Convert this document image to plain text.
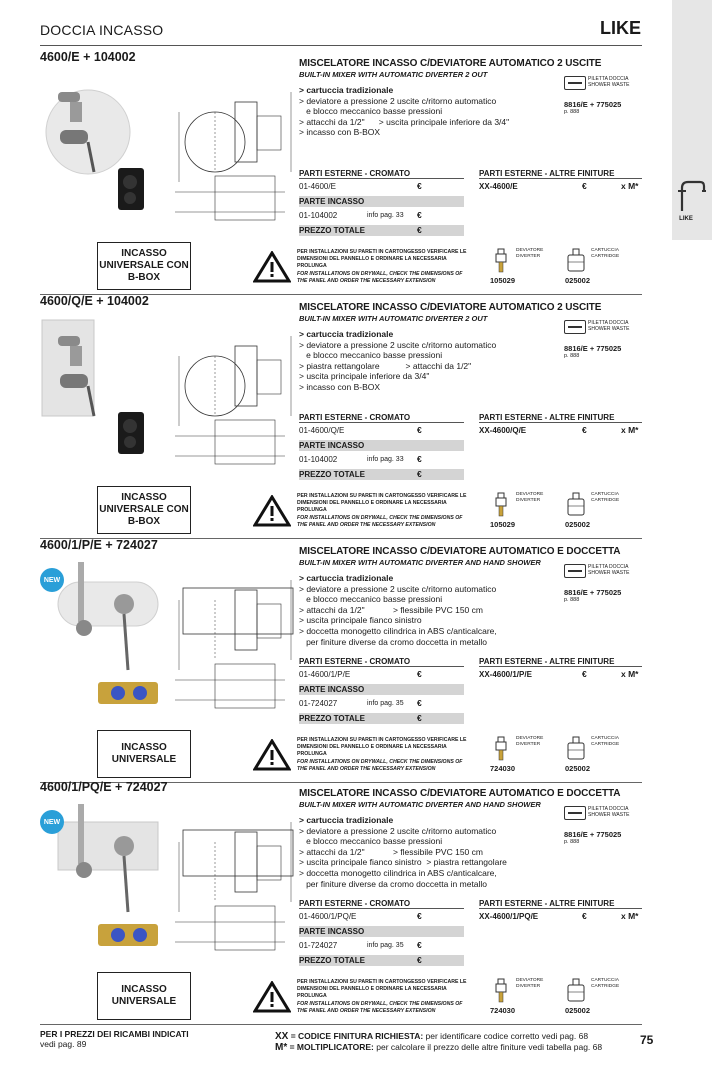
DOCCIA INCASSO	LIKE
LIKE
4600/E + 104002
INCASSO UNIVERSALE CON B-BOX
MISCELATORE INCASSO C/DEVIATORE AUTOMATICO 2 USCITE
BUILT-IN MIXER WITH AUTOMATIC DIVERTER 2 OUT
> cartuccia tradizionale
> deviatore a pressione 2 uscite c/ritorno automatico
e blocco meccanico basse pressioni
> attacchi da 1/2"      > uscita principale inferiore da 3/4"
> incasso con B-BOX
PILETTA DOCCIA SHOWER WASTE
8816/E + 775025
p. 888
PARTI ESTERNE - CROMATO	PARTI ESTERNE - ALTRE FINITURE
01-4600/E	€	XX-4600/E	€	x M*
PARTE INCASSO
01-104002	info pag. 33	€
PREZZO TOTALE	€
PER INSTALLAZIONI SU PARETI IN CARTONGESSO VERIFICARE LE DIMENSIONI DEL PANNELLO E ORDINARE LA NECESSARIA PROLUNGA
FOR INSTALLATIONS ON DRYWALL, CHECK THE DIMENSIONS OF THE PANEL AND ORDER THE NECESSARY EXTENSION
DEVIATORE DIVERTER
105029
CARTUCCIA CARTRIDGE
025002
4600/Q/E + 104002
INCASSO UNIVERSALE CON B-BOX
MISCELATORE INCASSO C/DEVIATORE AUTOMATICO 2 USCITE
BUILT-IN MIXER WITH AUTOMATIC DIVERTER 2 OUT
> cartuccia tradizionale
> deviatore a pressione 2 uscite c/ritorno automatico
e blocco meccanico basse pressioni
> piastra rettangolare           > attacchi da 1/2"
> uscita principale inferiore da 3/4"
> incasso con B-BOX
PILETTA DOCCIA SHOWER WASTE
8816/E + 775025
p. 888
PARTI ESTERNE - CROMATO	PARTI ESTERNE - ALTRE FINITURE
01-4600/Q/E	€	XX-4600/Q/E	€	x M*
PARTE INCASSO
01-104002	info pag. 33	€
PREZZO TOTALE	€
PER INSTALLAZIONI SU PARETI IN CARTONGESSO VERIFICARE LE DIMENSIONI DEL PANNELLO E ORDINARE LA NECESSARIA PROLUNGA
FOR INSTALLATIONS ON DRYWALL, CHECK THE DIMENSIONS OF THE PANEL AND ORDER THE NECESSARY EXTENSION
DEVIATORE DIVERTER
105029
CARTUCCIA CARTRIDGE
025002
4600/1/P/E + 724027
NEW
INCASSO UNIVERSALE
MISCELATORE INCASSO C/DEVIATORE AUTOMATICO E DOCCETTA
BUILT-IN MIXER WITH AUTOMATIC DIVERTER AND HAND SHOWER
> cartuccia tradizionale
> deviatore a pressione 2 uscite c/ritorno automatico
e blocco meccanico basse pressioni
> attacchi da 1/2"            > flessibile PVC 150 cm
> uscita principale fianco sinistro
> doccetta monogetto cilindrica in ABS c/anticalcare,
per finiture diverse da cromo doccetta in metallo
PILETTA DOCCIA SHOWER WASTE
8816/E + 775025
p. 888
PARTI ESTERNE - CROMATO	PARTI ESTERNE - ALTRE FINITURE
01-4600/1/P/E	€	XX-4600/1/P/E	€	x M*
PARTE INCASSO
01-724027	info pag. 35	€
PREZZO TOTALE	€
PER INSTALLAZIONI SU PARETI IN CARTONGESSO VERIFICARE LE DIMENSIONI DEL PANNELLO E ORDINARE LA NECESSARIA PROLUNGA
FOR INSTALLATIONS ON DRYWALL, CHECK THE DIMENSIONS OF THE PANEL AND ORDER THE NECESSARY EXTENSION
DEVIATORE DIVERTER
724030
CARTUCCIA CARTRIDGE
025002
4600/1/PQ/E + 724027
NEW
INCASSO UNIVERSALE
MISCELATORE INCASSO C/DEVIATORE AUTOMATICO E DOCCETTA
BUILT-IN MIXER WITH AUTOMATIC DIVERTER AND HAND SHOWER
> cartuccia tradizionale
> deviatore a pressione 2 uscite c/ritorno automatico
e blocco meccanico basse pressioni
> attacchi da 1/2"            > flessibile PVC 150 cm
> uscita principale fianco sinistro  > piastra rettangolare
> doccetta monogetto cilindrica in ABS c/anticalcare,
per finiture diverse da cromo doccetta in metallo
PILETTA DOCCIA SHOWER WASTE
8816/E + 775025
p. 888
PARTI ESTERNE - CROMATO	PARTI ESTERNE - ALTRE FINITURE
01-4600/1/PQ/E	€	XX-4600/1/PQ/E	€	x M*
PARTE INCASSO
01-724027	info pag. 35	€
PREZZO TOTALE	€
PER INSTALLAZIONI SU PARETI IN CARTONGESSO VERIFICARE LE DIMENSIONI DEL PANNELLO E ORDINARE LA NECESSARIA PROLUNGA
FOR INSTALLATIONS ON DRYWALL, CHECK THE DIMENSIONS OF THE PANEL AND ORDER THE NECESSARY EXTENSION
DEVIATORE DIVERTER
724030
CARTUCCIA CARTRIDGE
025002
PER I PREZZI DEI RICAMBI INDICATI
vedi pag. 89
XX = CODICE FINITURA RICHIESTA: per identificare codice corretto vedi pag. 68
M* = MOLTIPLICATORE: per calcolare il prezzo delle altre finiture vedi tabella pag. 68	75
